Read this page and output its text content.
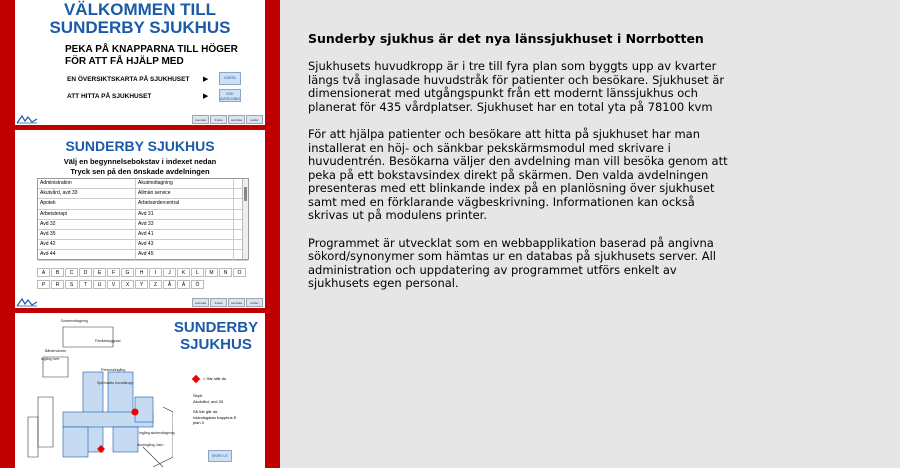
VÄLKOMMEN TILL
SUNDERBY SJUKHUS
PEKA PÅ KNAPPARNA TILL HÖGER
FÖR ATT FÅ HJÄLP MED
EN ÖVERSIKTSKARTA PÅ SJUKHUSET ▶	KARTA
ATT HITTA PÅ SJUKHUSET	▶	SÖK AVDELNING
svenska	finska	samiska	arabic
SUNDERBY SJUKHUS
Välj en begynnelsebokstav i indexet nedan
Tryck sen på den önskade avdelningen
Administration	Akutmottagning
Akutvård, avd 33	Allmän service
Apotek	Arbetsordercentral
Arbetsterapi	Avd 31
Avd 32	Avd 33
Avd 35	Avd 41
Avd 42	Avd 43
Avd 44	Avd 45
A	B	C	D	E	F	G	H	I	J	K	L	M	N	O
P	R	S	T	U	V	X	Y	Z	Å	Ä	Ö
svenska	finska	samiska	arabic
Sodermottagning
Förrådsbyggnad
Bårdervärden
Ingång övre
Personalingång
Sjukhusets huvudkropp
Ingång akutmottagning
Akutingång, barn
SUNDERBY
SJUKHUS
= Här står du
Skylt:
Akutvård, avd 33
Så här går du:
Inlandsgatan trapphus E plan 3
SKRIV UT
Sunderby sjukhus är det nya länssjukhuset i Norrbotten

Sjukhusets huvudkropp är i tre till fyra plan som byggts upp av kvarter längs två inglasade huvudstråk för patienter och besökare. Sjukhuset är dimensionerat med utgångspunkt från ett modernt länssjukhus och planerat för 435 vårdplatser. Sjukhuset har en total yta på 78100 kvm

För att hjälpa patienter och besökare att hitta på sjukhuset har man installerat en höj- och sänkbar pekskärmsmodul med skrivare i huvudentrén. Besökarna väljer den avdelning man vill besöka genom att peka på ett bokstavsindex direkt på skärmen. Den valda avdelningen presenteras med ett blinkande index på en planlösning över sjukhuset samt med en förklarande vägbeskrivning. Informationen kan också skrivas ut på modulens printer.

Programmet är utvecklat som en webbapplikation baserad på angivna sökord/synonymer som hämtas ur en databas på sjukhusets server. All administration och uppdatering av programmet utförs enkelt av sjukhusets egen personal.
